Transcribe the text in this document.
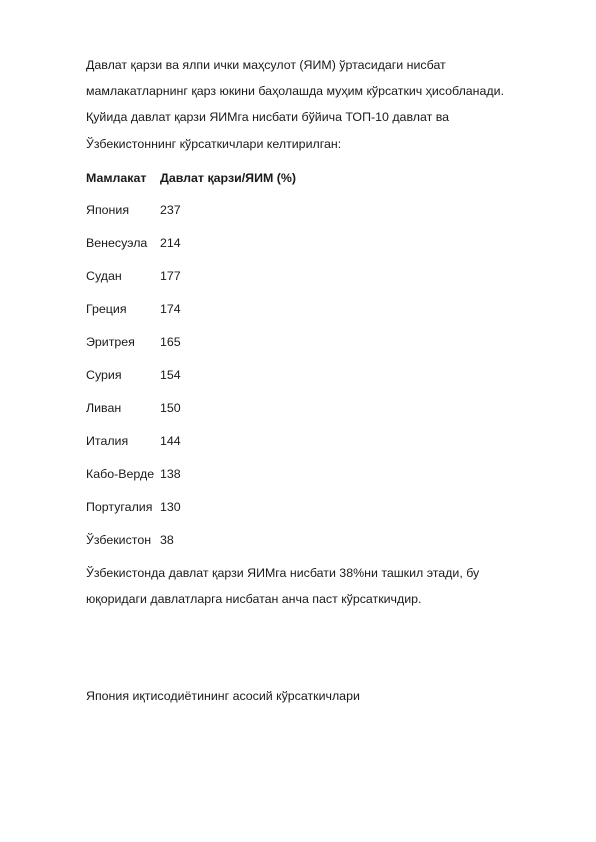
Давлат қарзи ва ялпи ички маҳсулот (ЯИМ) ўртасидаги нисбат

мамлакатларнинг қарз юкини баҳолашда муҳим кўрсаткич ҳисобланади.

Қуйида давлат қарзи ЯИМга нисбати бўйича ТОП-10 давлат ва

Ўзбекистоннинг кўрсаткичлари келтирилган:

Мамлакат	Давлат қарзи/ЯИМ (%)
Япония	237
Венесуэла	214
Судан	177
Греция	174
Эритрея	165
Сурия	154
Ливан	150
Италия	144
Кабо-Верде	138
Португалия	130
Ўзбекистон	38

Ўзбекистонда давлат қарзи ЯИМга нисбати 38%ни ташкил этади, бу

юқоридаги давлатларга нисбатан анча паст кўрсаткичдир.

Япония иқтисодиётининг асосий кўрсаткичлари
